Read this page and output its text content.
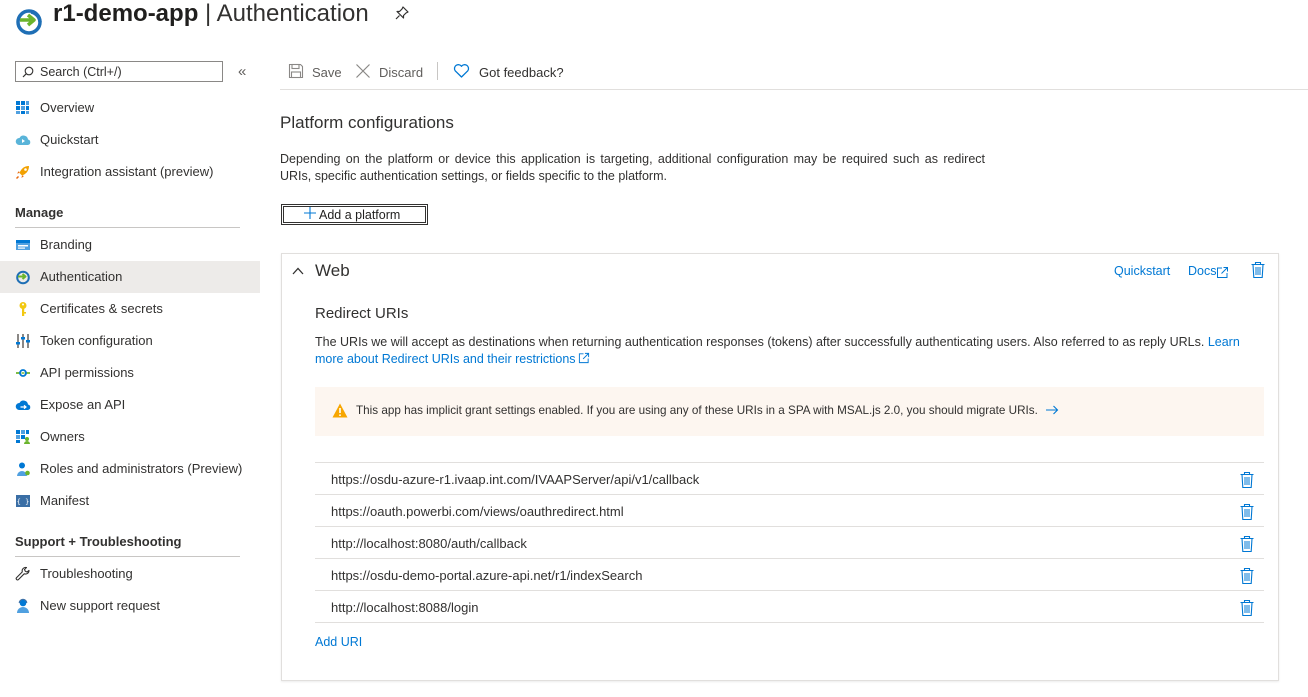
r1-demo-app | Authentication
Search (Ctrl+/)	«
Overview
Quickstart
Integration assistant (preview)
Manage
Branding
Authentication
Certificates & secrets
Token configuration
API permissions
Expose an API
Owners
Roles and administrators (Preview)
{ } Manifest
Support + Troubleshooting
Troubleshooting
New support request
Save	Discard	Got feedback?
Platform configurations
Depending on the platform or device this application is targeting, additional configuration may be required such as redirect URIs, specific authentication settings, or fields specific to the platform.
Add a platform
Web	Quickstart Docs
Redirect URIs
The URIs we will accept as destinations when returning authentication responses (tokens) after successfully authenticating users. Also referred to as reply URLs. Learn more about Redirect URIs and their restrictions
This app has implicit grant settings enabled. If you are using any of these URIs in a SPA with MSAL.js 2.0, you should migrate URIs.
https://osdu-azure-r1.ivaap.int.com/IVAAPServer/api/v1/callback
https://oauth.powerbi.com/views/oauthredirect.html
http://localhost:8080/auth/callback
https://osdu-demo-portal.azure-api.net/r1/indexSearch
http://localhost:8088/login
Add URI
